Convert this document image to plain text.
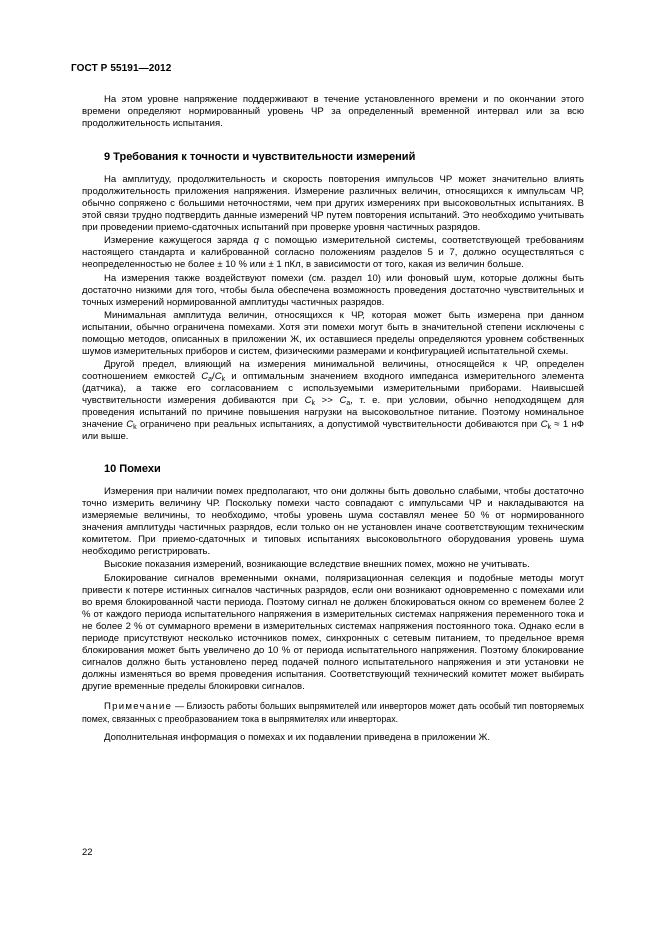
ГОСТ Р 55191—2012

На этом уровне напряжение поддерживают в течение установленного времени и по окончании этого времени определяют нормированный уровень ЧР за определенный временной интервал или за всю продолжительность испытания.

9 Требования к точности и чувствительности измерений

На амплитуду, продолжительность и скорость повторения импульсов ЧР может значительно влиять продолжительность приложения напряжения. Измерение различных величин, относящихся к импульсам ЧР, обычно сопряжено с большими неточностями, чем при других измерениях при высоковольтных испытаниях. В этой связи трудно подтвердить данные измерений ЧР путем повторения испытаний. Это необходимо учитывать при проведении приемо-сдаточных испытаний при проверке уровня частичных разрядов.

Измерение кажущегося заряда q с помощью измерительной системы, соответствующей требованиям настоящего стандарта и калиброванной согласно положениям разделов 5 и 7, должно осуществляться с неопределенностью не более ± 10 % или ± 1 пКл, в зависимости от того, какая из величин больше.

На измерения также воздействуют помехи (см. раздел 10) или фоновый шум, которые должны быть достаточно низкими для того, чтобы была обеспечена возможность проведения достаточно чувствительных и точных измерений нормированной амплитуды частичных разрядов.

Минимальная амплитуда величин, относящихся к ЧР, которая может быть измерена при данном испытании, обычно ограничена помехами. Хотя эти помехи могут быть в значительной степени исключены с помощью методов, описанных в приложении Ж, их оставшиеся пределы определяются уровнем собственных шумов измерительных приборов и систем, физическими размерами и конфигурацией испытательной схемы.

Другой предел, влияющий на измерения минимальной величины, относящейся к ЧР, определен соотношением емкостей $C_a/C_k$ и оптимальным значением входного импеданса измерительного элемента (датчика), а также его согласованием с используемыми измерительными приборами. Наивысшей чувствительности измерения добиваются при $C_k >> C_a$, т. е. при условии, обычно неподходящем для проведения испытаний по причине повышения нагрузки на высоковольтное питание. Поэтому номинальное значение $C_k$ ограничено при реальных испытаниях, а допустимой чувствительности добиваются при $C_k \approx 1$ нФ или выше.

10 Помехи

Измерения при наличии помех предполагают, что они должны быть довольно слабыми, чтобы достаточно точно измерить величину ЧР. Поскольку помехи часто совпадают с импульсами ЧР и накладываются на измеряемые величины, то необходимо, чтобы уровень шума составлял менее 50 % от нормированного значения амплитуды частичных разрядов, если только он не установлен иначе соответствующим техническим комитетом. При приемо-сдаточных и типовых испытаниях высоковольтного оборудования уровень шума необходимо регистрировать.

Высокие показания измерений, возникающие вследствие внешних помех, можно не учитывать.

Блокирование сигналов временными окнами, поляризационная селекция и подобные методы могут привести к потере истинных сигналов частичных разрядов, если они возникают одновременно с помехами или во время блокированной части периода. Поэтому сигнал не должен блокироваться окном со временем более 2 % от каждого периода испытательного напряжения в измерительных системах напряжения переменного тока и не более 2 % от суммарного времени в измерительных системах напряжения постоянного тока. Однако если в периоде присутствуют несколько источников помех, синхронных с сетевым питанием, то предельное время блокирования может быть увеличено до 10 % от периода испытательного напряжения. Поэтому блокирование сигналов должно быть установлено перед подачей полного испытательного напряжения и эти установки не должны изменяться во время проведения испытания. Соответствующий технический комитет может выбирать другие временные пределы блокировки сигналов.

Примечание — Близость работы больших выпрямителей или инверторов может дать особый тип повторяемых помех, связанных с преобразованием тока в выпрямителях или инверторах.

Дополнительная информация о помехах и их подавлении приведена в приложении Ж.

22
